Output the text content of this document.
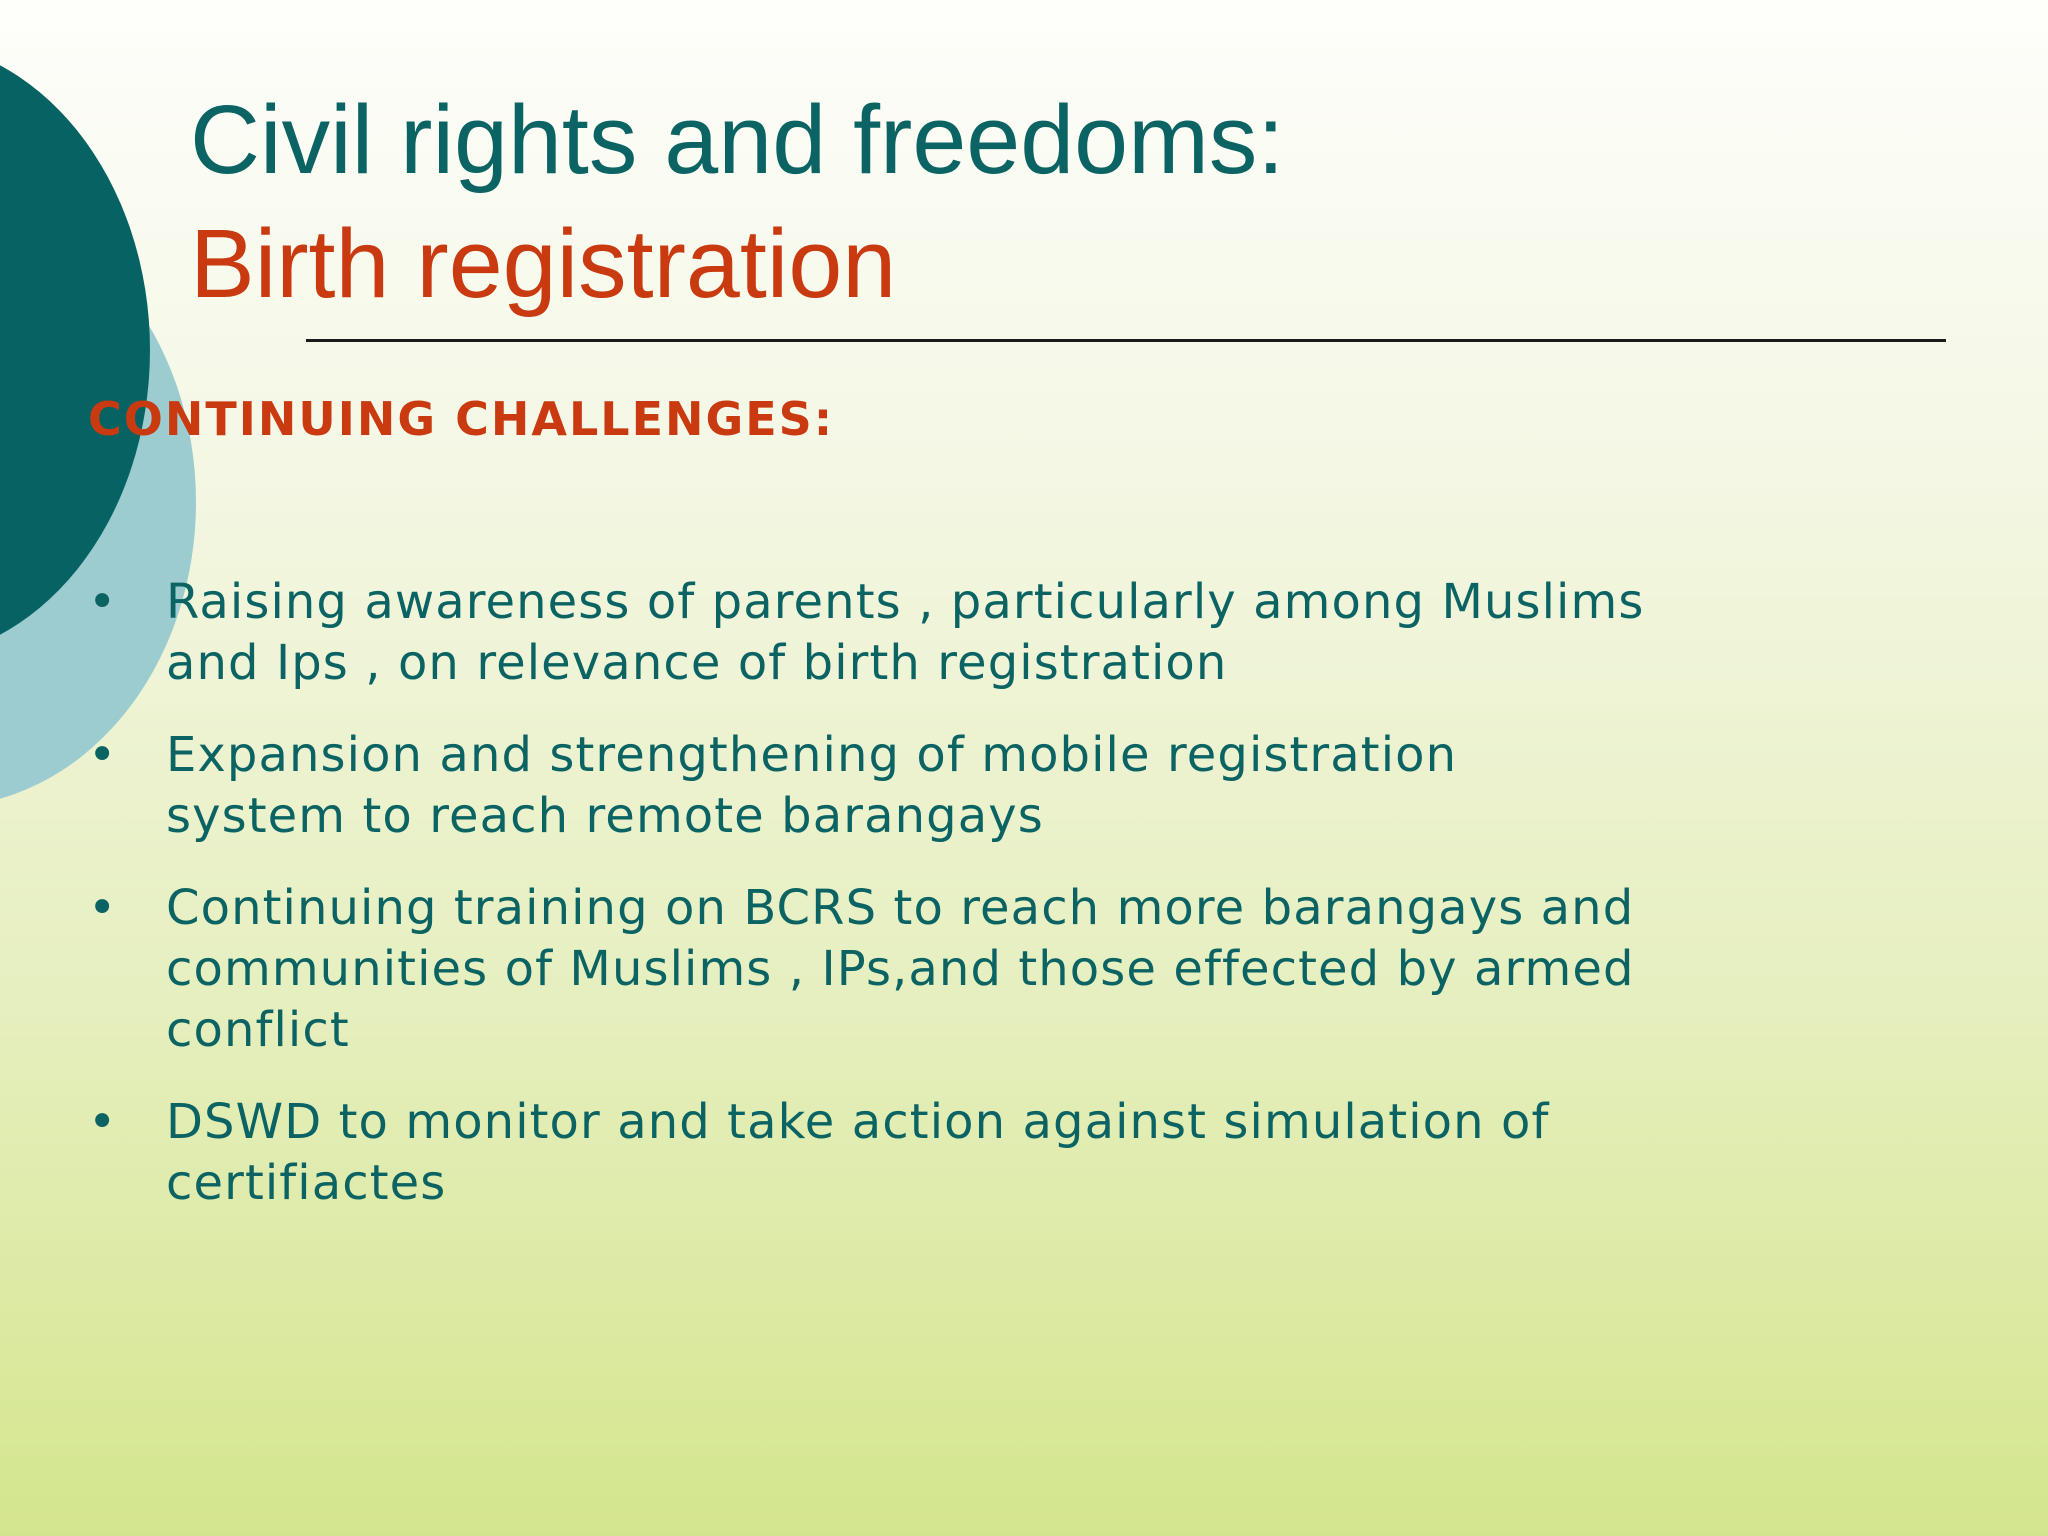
Civil rights and freedoms:
Birth registration
CONTINUING CHALLENGES:
• Raising awareness of parents , particularly among Muslims and Ips , on relevance of birth registration
• Expansion and strengthening of mobile registration system to reach remote barangays
• Continuing training on BCRS to reach more barangays and communities of Muslims , IPs,and those effected by armed conflict
• DSWD to monitor and take action against simulation of certifiactes
